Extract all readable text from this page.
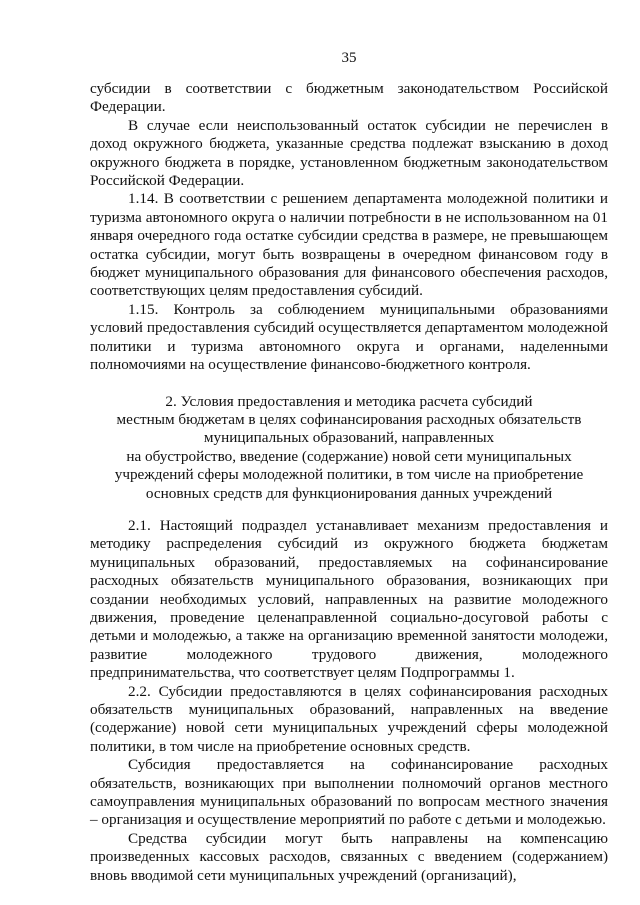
35

субсидии в соответствии с бюджетным законодательством Российской Федерации.

В случае если неиспользованный остаток субсидии не перечислен в доход окружного бюджета, указанные средства подлежат взысканию в доход окружного бюджета в порядке, установленном бюджетным законодательством Российской Федерации.

1.14. В соответствии с решением департамента молодежной политики и туризма автономного округа о наличии потребности в не использованном на 01 января очередного года остатке субсидии средства в размере, не превышающем остатка субсидии, могут быть возвращены в очередном финансовом году в бюджет муниципального образования для финансового обеспечения расходов, соответствующих целям предоставления субсидий.

1.15. Контроль за соблюдением муниципальными образованиями условий предоставления субсидий осуществляется департаментом молодежной политики и туризма автономного округа и органами, наделенными полномочиями на осуществление финансово-бюджетного контроля.

2. Условия предоставления и методика расчета субсидий
местным бюджетам в целях софинансирования расходных обязательств
муниципальных образований, направленных
на обустройство, введение (содержание) новой сети муниципальных
учреждений сферы молодежной политики, в том числе на приобретение
основных средств для функционирования данных учреждений

2.1. Настоящий подраздел устанавливает механизм предоставления и методику распределения субсидий из окружного бюджета бюджетам муниципальных образований, предоставляемых на софинансирование расходных обязательств муниципального образования, возникающих при создании необходимых условий, направленных на развитие молодежного движения, проведение целенаправленной социально-досуговой работы с детьми и молодежью, а также на организацию временной занятости молодежи, развитие молодежного трудового движения, молодежного предпринимательства, что соответствует целям Подпрограммы 1.

2.2. Субсидии предоставляются в целях софинансирования расходных обязательств муниципальных образований, направленных на введение (содержание) новой сети муниципальных учреждений сферы молодежной политики, в том числе на приобретение основных средств.

Субсидия предоставляется на софинансирование расходных обязательств, возникающих при выполнении полномочий органов местного самоуправления муниципальных образований по вопросам местного значения – организация и осуществление мероприятий по работе с детьми и молодежью.

Средства субсидии могут быть направлены на компенсацию произведенных кассовых расходов, связанных с введением (содержанием) вновь вводимой сети муниципальных учреждений (организаций),
